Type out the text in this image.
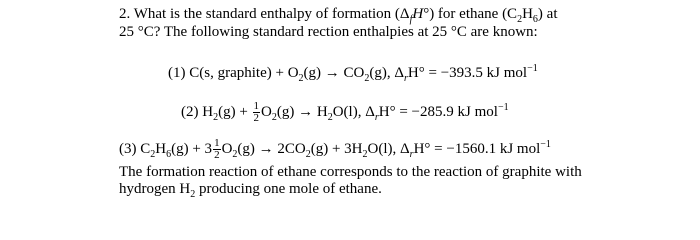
2. What is the standard enthalpy of formation $(\Delta_fH^\circ)$ for ethane $(C_2H_6)$ at
25 °C? The following standard rection enthalpies at 25 °C are known:
(1) C(s, graphite) + $O_2(g) \to CO_2(g)$, $\Delta_rH^\circ = -393.5$ kJ mol$^{-1}$
(2) $H_2(g) + \frac{1}{2} O_2(g) \to H_2O(l)$, $\Delta_rH^\circ = -285.9$ kJ mol$^{-1}$
(3) $C_2H_6(g) + 3 \frac{1}{2} O_2(g) \to 2CO_2(g) + 3H_2O(l)$, $\Delta_rH^\circ = -1560.1$ kJ mol$^{-1}$
The formation reaction of ethane corresponds to the reaction of graphite with
hydrogen $H_2$ producing one mole of ethane.
